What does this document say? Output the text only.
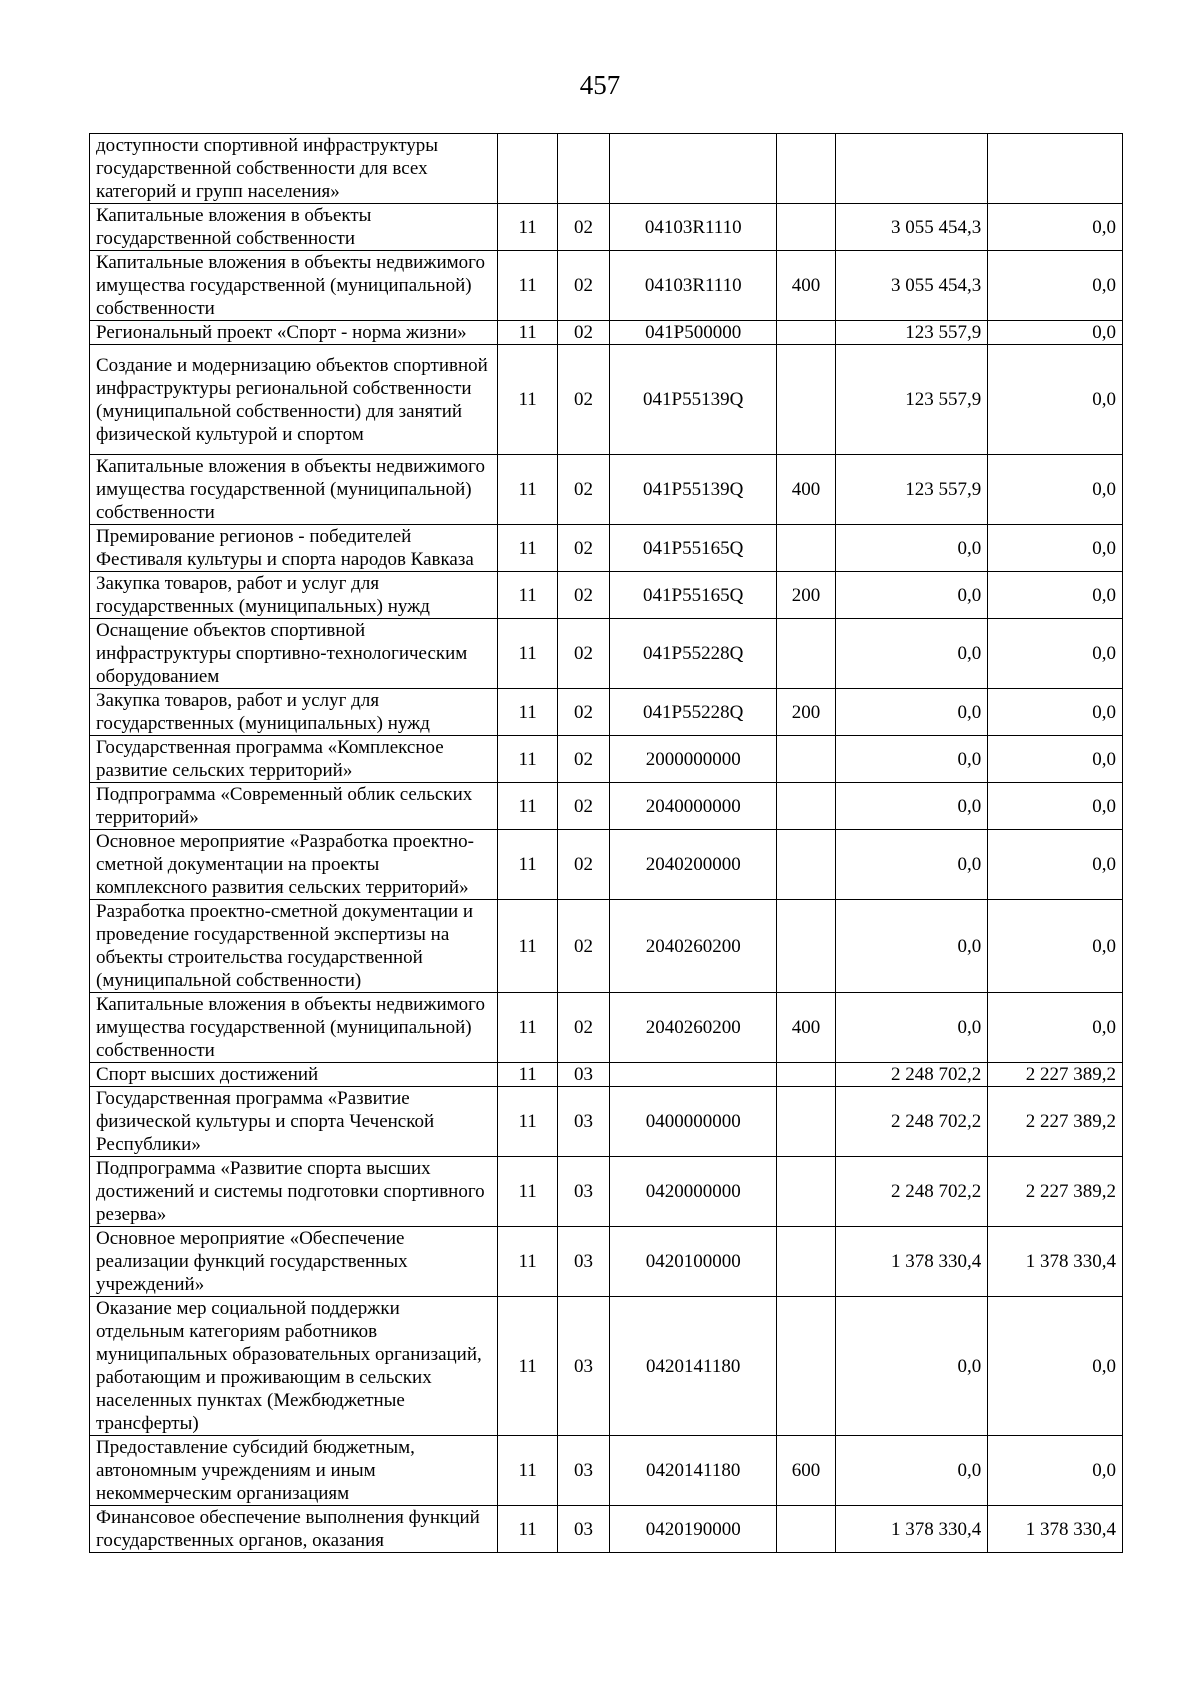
457
доступности спортивной инфраструктуры государственной собственности для всех категорий и групп населения»						
Капитальные вложения в объекты государственной собственности	11	02	04103R1110		3 055 454,3	0,0
Капитальные вложения в объекты недвижимого имущества государственной (муниципальной) собственности	11	02	04103R1110	400	3 055 454,3	0,0
Региональный проект «Спорт - норма жизни»	11	02	041P500000		123 557,9	0,0
Создание и модернизацию объектов спортивной инфраструктуры региональной собственности (муниципальной собственности) для занятий физической культурой и спортом	11	02	041P55139Q		123 557,9	0,0
Капитальные вложения в объекты недвижимого имущества государственной (муниципальной) собственности	11	02	041P55139Q	400	123 557,9	0,0
Премирование регионов - победителей Фестиваля культуры и спорта народов Кавказа	11	02	041P55165Q		0,0	0,0
Закупка товаров, работ и услуг для государственных (муниципальных) нужд	11	02	041P55165Q	200	0,0	0,0
Оснащение объектов спортивной инфраструктуры спортивно-технологическим оборудованием	11	02	041P55228Q		0,0	0,0
Закупка товаров, работ и услуг для государственных (муниципальных) нужд	11	02	041P55228Q	200	0,0	0,0
Государственная программа «Комплексное развитие сельских территорий»	11	02	2000000000		0,0	0,0
Подпрограмма «Современный облик сельских территорий»	11	02	2040000000		0,0	0,0
Основное мероприятие «Разработка проектно-сметной документации на проекты комплексного развития сельских территорий»	11	02	2040200000		0,0	0,0
Разработка проектно-сметной документации и проведение государственной экспертизы на объекты строительства государственной (муниципальной собственности)	11	02	2040260200		0,0	0,0
Капитальные вложения в объекты недвижимого имущества государственной (муниципальной) собственности	11	02	2040260200	400	0,0	0,0
Спорт высших достижений	11	03			2 248 702,2	2 227 389,2
Государственная программа «Развитие физической культуры и спорта Чеченской Республики»	11	03	0400000000		2 248 702,2	2 227 389,2
Подпрограмма «Развитие спорта высших достижений и системы подготовки спортивного резерва»	11	03	0420000000		2 248 702,2	2 227 389,2
Основное мероприятие «Обеспечение реализации функций государственных учреждений»	11	03	0420100000		1 378 330,4	1 378 330,4
Оказание мер социальной поддержки отдельным категориям работников муниципальных образовательных организаций, работающим и проживающим в сельских населенных пунктах (Межбюджетные трансферты)	11	03	0420141180		0,0	0,0
Предоставление субсидий бюджетным, автономным учреждениям и иным некоммерческим организациям	11	03	0420141180	600	0,0	0,0
Финансовое обеспечение выполнения функций государственных органов, оказания	11	03	0420190000		1 378 330,4	1 378 330,4
